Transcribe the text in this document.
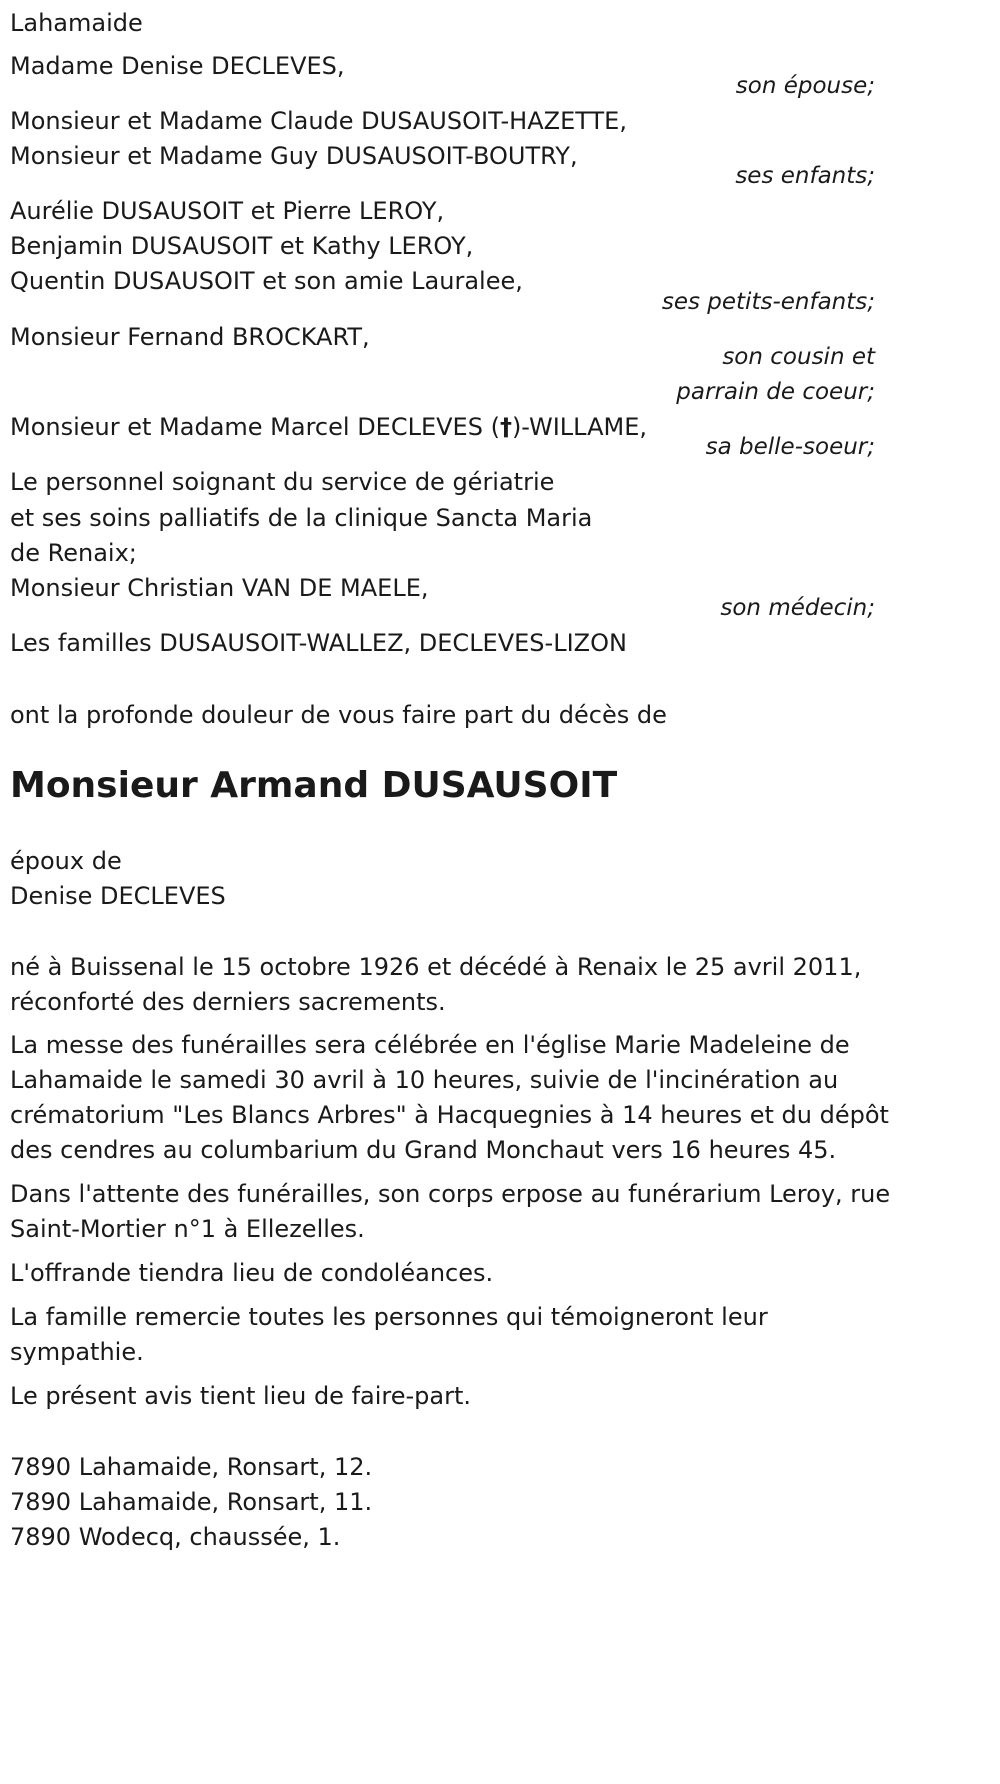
Lahamaide
Madame Denise DECLEVES,
son épouse;
Monsieur et Madame Claude DUSAUSOIT-HAZETTE,
Monsieur et Madame Guy DUSAUSOIT-BOUTRY,
ses enfants;
Aurélie DUSAUSOIT et Pierre LEROY,
Benjamin DUSAUSOIT et Kathy LEROY,
Quentin DUSAUSOIT et son amie Lauralee,
ses petits-enfants;
Monsieur Fernand BROCKART,
son cousin et
parrain de coeur;
Monsieur et Madame Marcel DECLEVES (†)-WILLAME,
sa belle-soeur;
Le personnel soignant du service de gériatrie
et ses soins palliatifs de la clinique Sancta Maria
de Renaix;
Monsieur Christian VAN DE MAELE,
son médecin;
Les familles DUSAUSOIT-WALLEZ, DECLEVES-LIZON
ont la profonde douleur de vous faire part du décès de
Monsieur Armand DUSAUSOIT
époux de
Denise DECLEVES
né à Buissenal le 15 octobre 1926 et décédé à Renaix le 25 avril 2011,
réconforté des derniers sacrements.
La messe des funérailles sera célébrée en l'église Marie Madeleine de
Lahamaide le samedi 30 avril à 10 heures, suivie de l'incinération au
crématorium "Les Blancs Arbres" à Hacquegnies à 14 heures et du dépôt
des cendres au columbarium du Grand Monchaut vers 16 heures 45.
Dans l'attente des funérailles, son corps erpose au funérarium Leroy, rue
Saint-Mortier n°1 à Ellezelles.
L'offrande tiendra lieu de condoléances.
La famille remercie toutes les personnes qui témoigneront leur
sympathie.
Le présent avis tient lieu de faire-part.
7890 Lahamaide, Ronsart, 12.
7890 Lahamaide, Ronsart, 11.
7890 Wodecq, chaussée, 1.
